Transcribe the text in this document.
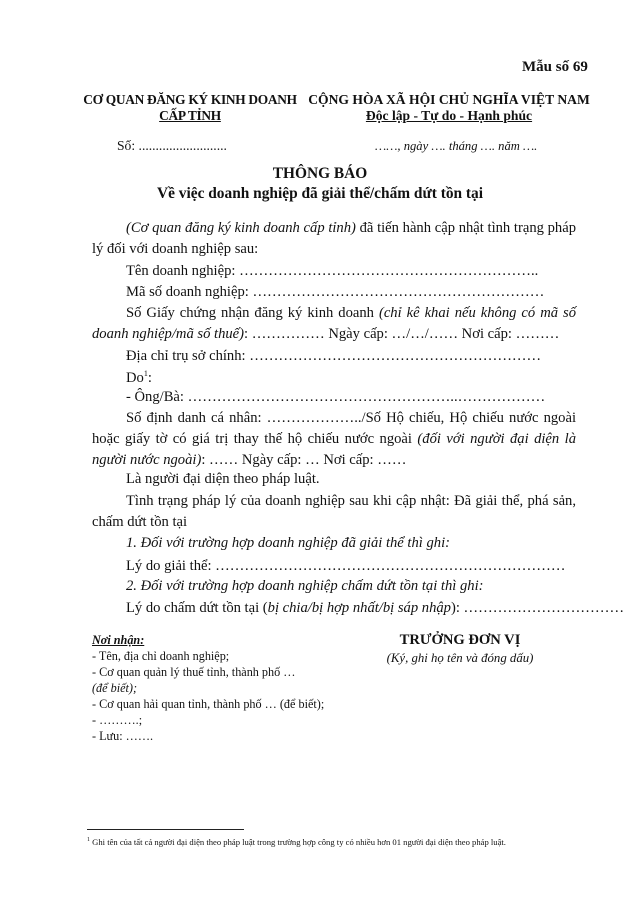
Mẫu số 69
CƠ QUAN ĐĂNG KÝ KINH DOANH
CẤP TỈNH
CỘNG HÒA XÃ HỘI CHỦ NGHĨA VIỆT NAM
Độc lập - Tự do - Hạnh phúc
Số: ..........................	……, ngày …. tháng …. năm ….
THÔNG BÁO
Về việc doanh nghiệp đã giải thể/chấm dứt tồn tại
(Cơ quan đăng ký kinh doanh cấp tỉnh) đã tiến hành cập nhật tình trạng pháp lý đối với doanh nghiệp sau:
Tên doanh nghiệp: ……………………………………………………..
Mã số doanh nghiệp: ……………………………………………………
Số Giấy chứng nhận đăng ký kinh doanh (chỉ kê khai nếu không có mã số doanh nghiệp/mã số thuế): …………… Ngày cấp: …/…/…… Nơi cấp: ………
Địa chỉ trụ sở chính: ……………………………………………………
Do$^1$:
- Ông/Bà: ………………………………………………..………………
Số định danh cá nhân: ………………../Số Hộ chiếu, Hộ chiếu nước ngoài hoặc giấy tờ có giá trị thay thế hộ chiếu nước ngoài (đối với người đại diện là người nước ngoài): …… Ngày cấp: … Nơi cấp: ……
Là người đại diện theo pháp luật.
Tình trạng pháp lý của doanh nghiệp sau khi cập nhật: Đã giải thể, phá sản, chấm dứt tồn tại
1. Đối với trường hợp doanh nghiệp đã giải thể thì ghi:
Lý do giải thể: ………………………………………………………………
2. Đối với trường hợp doanh nghiệp chấm dứt tồn tại thì ghi:
Lý do chấm dứt tồn tại (bị chia/bị hợp nhất/bị sáp nhập): ……………………………
Nơi nhận:
- Tên, địa chỉ doanh nghiệp;
- Cơ quan quản lý thuế tỉnh, thành phố …
(để biết);
- Cơ quan hải quan tỉnh, thành phố … (để biết);
- ……….;
- Lưu: …….
TRƯỞNG ĐƠN VỊ
(Ký, ghi họ tên và đóng dấu)
$^1$ Ghi tên của tất cả người đại diện theo pháp luật trong trường hợp công ty có nhiều hơn 01 người đại diện theo pháp luật.
